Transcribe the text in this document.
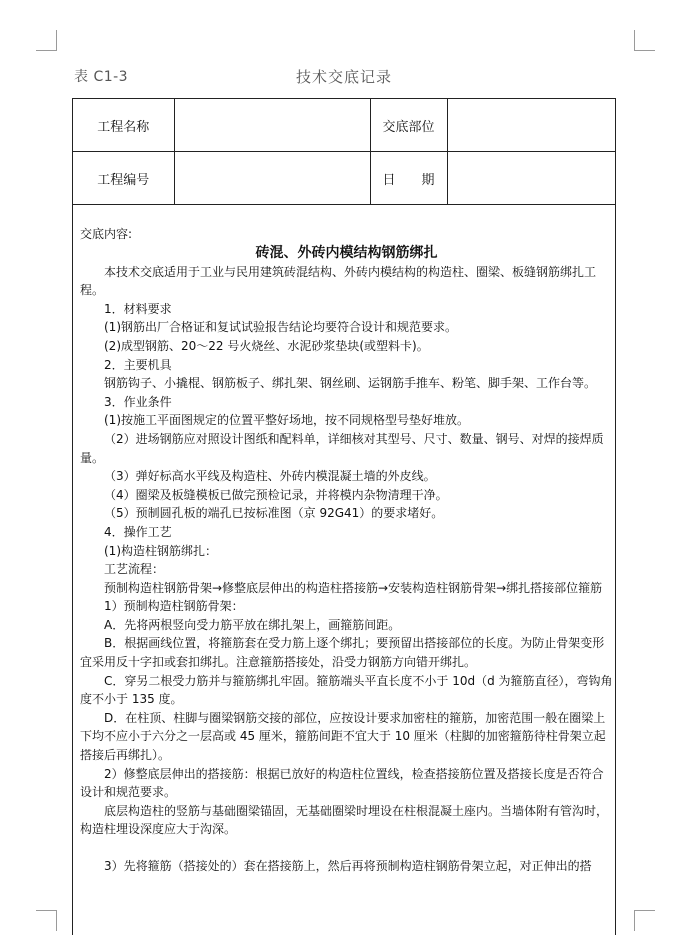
表 C1-3	技术交底记录
工程名称		交底部位	
工程编号		日　　期	

交底内容:

砖混、外砖内模结构钢筋绑扎

本技术交底适用于工业与民用建筑砖混结构、外砖内模结构的构造柱、圈梁、板缝钢筋绑扎工程。

1．材料要求

(1)钢筋出厂合格证和复试试验报告结论均要符合设计和规范要求。

(2)成型钢筋、20～22 号火烧丝、水泥砂浆垫块(或塑料卡)。

2．主要机具

钢筋钩子、小撬棍、钢筋板子、绑扎架、钢丝刷、运钢筋手推车、粉笔、脚手架、工作台等。

3．作业条件

(1)按施工平面图规定的位置平整好场地，按不同规格型号垫好堆放。

（2）进场钢筋应对照设计图纸和配料单，详细核对其型号、尺寸、数量、钢号、对焊的接焊质量。

（3）弹好标高水平线及构造柱、外砖内模混凝土墙的外皮线。

（4）圈梁及板缝模板已做完预检记录，并将模内杂物清理干净。

（5）预制圆孔板的端孔已按标准图（京 92G41）的要求堵好。

4．操作工艺

(1)构造柱钢筋绑扎：

工艺流程：

预制构造柱钢筋骨架→修整底层伸出的构造柱搭接筋→安装构造柱钢筋骨架→绑扎搭接部位箍筋

1）预制构造柱钢筋骨架：

A．先将两根竖向受力筋平放在绑扎架上，画箍筋间距。

B．根据画线位置，将箍筋套在受力筋上逐个绑扎；要预留出搭接部位的长度。为防止骨架变形宜采用反十字扣或套扣绑扎。注意箍筋搭接处，沿受力钢筋方向错开绑扎。

C．穿另二根受力筋并与箍筋绑扎牢固。箍筋端头平直长度不小于 10d（d 为箍筋直径），弯钩角度不小于 135 度。

D．在柱顶、柱脚与圈梁钢筋交接的部位，应按设计要求加密柱的箍筋，加密范围一般在圈梁上下均不应小于六分之一层高或 45 厘米，箍筋间距不宜大于 10 厘米（柱脚的加密箍筋待柱骨架立起搭接后再绑扎）。

2）修整底层伸出的搭接筋：根据已放好的构造柱位置线，检查搭接筋位置及搭接长度是否符合设计和规范要求。

底层构造柱的竖筋与基础圈梁锚固，无基础圈梁时埋设在柱根混凝土座内。当墙体附有管沟时，构造柱埋设深度应大于沟深。

3）先将箍筋（搭接处的）套在搭接筋上，然后再将预制构造柱钢筋骨架立起，对正伸出的搭
